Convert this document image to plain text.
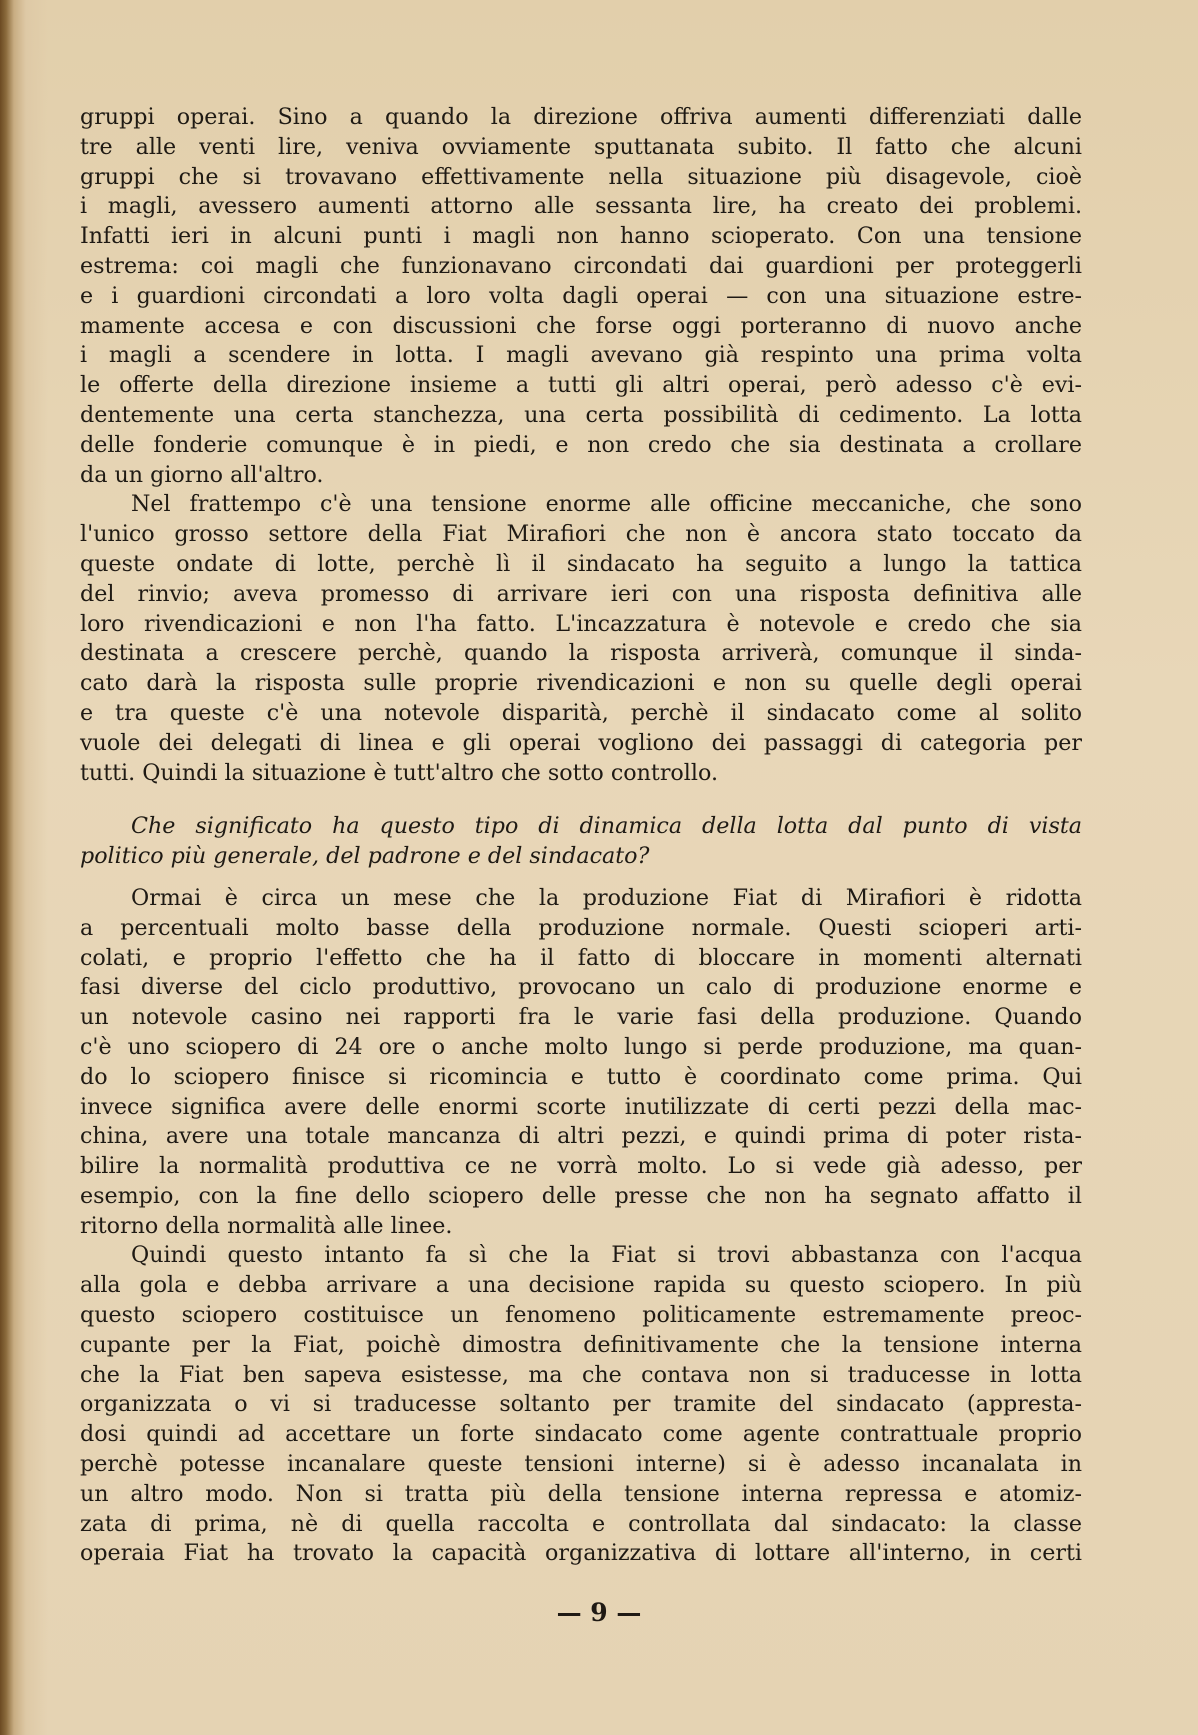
gruppi operai. Sino a quando la direzione offriva aumenti differenziati dalle
tre alle venti lire, veniva ovviamente sputtanata subito. Il fatto che alcuni
gruppi che si trovavano effettivamente nella situazione più disagevole, cioè
i magli, avessero aumenti attorno alle sessanta lire, ha creato dei problemi.
Infatti ieri in alcuni punti i magli non hanno scioperato. Con una tensione
estrema: coi magli che funzionavano circondati dai guardioni per proteggerli
e i guardioni circondati a loro volta dagli operai — con una situazione estre-
mamente accesa e con discussioni che forse oggi porteranno di nuovo anche
i magli a scendere in lotta. I magli avevano già respinto una prima volta
le offerte della direzione insieme a tutti gli altri operai, però adesso c'è evi-
dentemente una certa stanchezza, una certa possibilità di cedimento. La lotta
delle fonderie comunque è in piedi, e non credo che sia destinata a crollare
da un giorno all'altro.
Nel frattempo c'è una tensione enorme alle officine meccaniche, che sono
l'unico grosso settore della Fiat Mirafiori che non è ancora stato toccato da
queste ondate di lotte, perchè lì il sindacato ha seguito a lungo la tattica
del rinvio; aveva promesso di arrivare ieri con una risposta definitiva alle
loro rivendicazioni e non l'ha fatto. L'incazzatura è notevole e credo che sia
destinata a crescere perchè, quando la risposta arriverà, comunque il sinda-
cato darà la risposta sulle proprie rivendicazioni e non su quelle degli operai
e tra queste c'è una notevole disparità, perchè il sindacato come al solito
vuole dei delegati di linea e gli operai vogliono dei passaggi di categoria per
tutti. Quindi la situazione è tutt'altro che sotto controllo.
Che significato ha questo tipo di dinamica della lotta dal punto di vista
politico più generale, del padrone e del sindacato?
Ormai è circa un mese che la produzione Fiat di Mirafiori è ridotta
a percentuali molto basse della produzione normale. Questi scioperi arti-
colati, e proprio l'effetto che ha il fatto di bloccare in momenti alternati
fasi diverse del ciclo produttivo, provocano un calo di produzione enorme e
un notevole casino nei rapporti fra le varie fasi della produzione. Quando
c'è uno sciopero di 24 ore o anche molto lungo si perde produzione, ma quan-
do lo sciopero finisce si ricomincia e tutto è coordinato come prima. Qui
invece significa avere delle enormi scorte inutilizzate di certi pezzi della mac-
china, avere una totale mancanza di altri pezzi, e quindi prima di poter rista-
bilire la normalità produttiva ce ne vorrà molto. Lo si vede già adesso, per
esempio, con la fine dello sciopero delle presse che non ha segnato affatto il
ritorno della normalità alle linee.
Quindi questo intanto fa sì che la Fiat si trovi abbastanza con l'acqua
alla gola e debba arrivare a una decisione rapida su questo sciopero. In più
questo sciopero costituisce un fenomeno politicamente estremamente preoc-
cupante per la Fiat, poichè dimostra definitivamente che la tensione interna
che la Fiat ben sapeva esistesse, ma che contava non si traducesse in lotta
organizzata o vi si traducesse soltanto per tramite del sindacato (appresta-
dosi quindi ad accettare un forte sindacato come agente contrattuale proprio
perchè potesse incanalare queste tensioni interne) si è adesso incanalata in
un altro modo. Non si tratta più della tensione interna repressa e atomiz-
zata di prima, nè di quella raccolta e controllata dal sindacato: la classe
operaia Fiat ha trovato la capacità organizzativa di lottare all'interno, in certi
— 9 —
